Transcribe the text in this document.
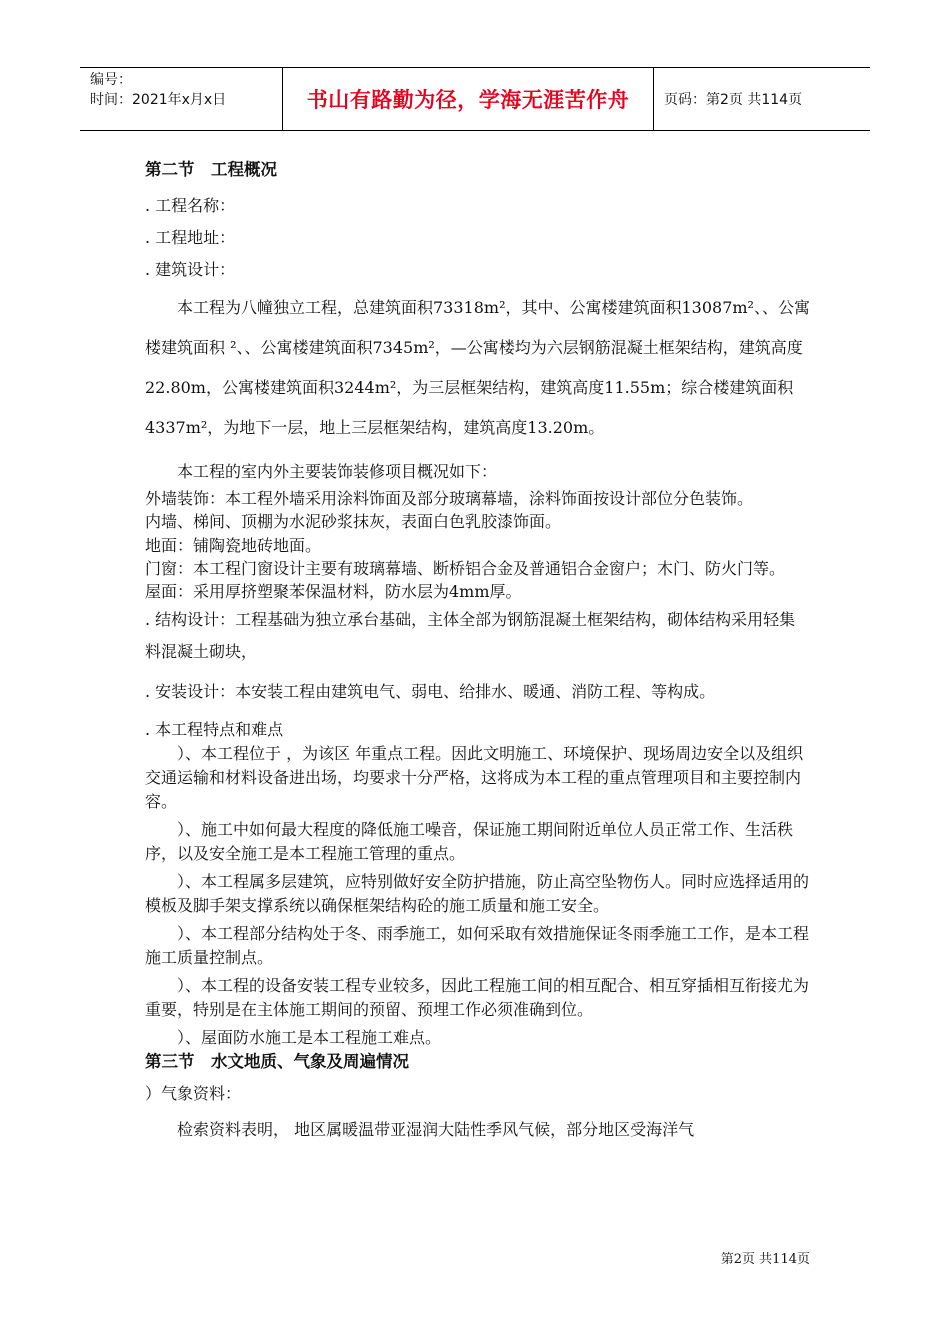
编号：
时间：2021年x月x日	书山有路勤为径，学海无涯苦作舟 页码：第2页 共114页

第二节　工程概况

. 工程名称：

. 工程地址：

. 建筑设计：

本工程为八幢独立工程，总建筑面积73318m²，其中、公寓楼建筑面积13087m²、、公寓楼建筑面积 ²、、公寓楼建筑面积7345m²，—公寓楼均为六层钢筋混凝土框架结构，建筑高度22.80m，公寓楼建筑面积3244m²，为三层框架结构，建筑高度11.55m；综合楼建筑面积4337m²，为地下一层，地上三层框架结构，建筑高度13.20m。

本工程的室内外主要装饰装修项目概况如下：

外墙装饰：本工程外墙采用涂料饰面及部分玻璃幕墙，涂料饰面按设计部位分色装饰。

内墙、梯间、顶棚为水泥砂浆抹灰，表面白色乳胶漆饰面。

地面：铺陶瓷地砖地面。

门窗：本工程门窗设计主要有玻璃幕墙、断桥铝合金及普通铝合金窗户；木门、防火门等。

屋面：采用厚挤塑聚苯保温材料，防水层为4mm厚。

. 结构设计：工程基础为独立承台基础，主体全部为钢筋混凝土框架结构，砌体结构采用轻集料混凝土砌块，

. 安装设计：本安装工程由建筑电气、弱电、给排水、暖通、消防工程、等构成。

. 本工程特点和难点

）、本工程位于 ，为该区 年重点工程。因此文明施工、环境保护、现场周边安全以及组织交通运输和材料设备进出场，均要求十分严格，这将成为本工程的重点管理项目和主要控制内容。

）、施工中如何最大程度的降低施工噪音，保证施工期间附近单位人员正常工作、生活秩序，以及安全施工是本工程施工管理的重点。

）、本工程属多层建筑，应特别做好安全防护措施，防止高空坠物伤人。同时应选择适用的模板及脚手架支撑系统以确保框架结构砼的施工质量和施工安全。

）、本工程部分结构处于冬、雨季施工，如何采取有效措施保证冬雨季施工工作，是本工程施工质量控制点。

）、本工程的设备安装工程专业较多，因此工程施工间的相互配合、相互穿插相互衔接尤为重要，特别是在主体施工期间的预留、预埋工作必须准确到位。

）、屋面防水施工是本工程施工难点。

第三节　水文地质、气象及周遍情况

）气象资料：

检索资料表明， 地区属暖温带亚湿润大陆性季风气候，部分地区受海洋气

第2页 共114页
